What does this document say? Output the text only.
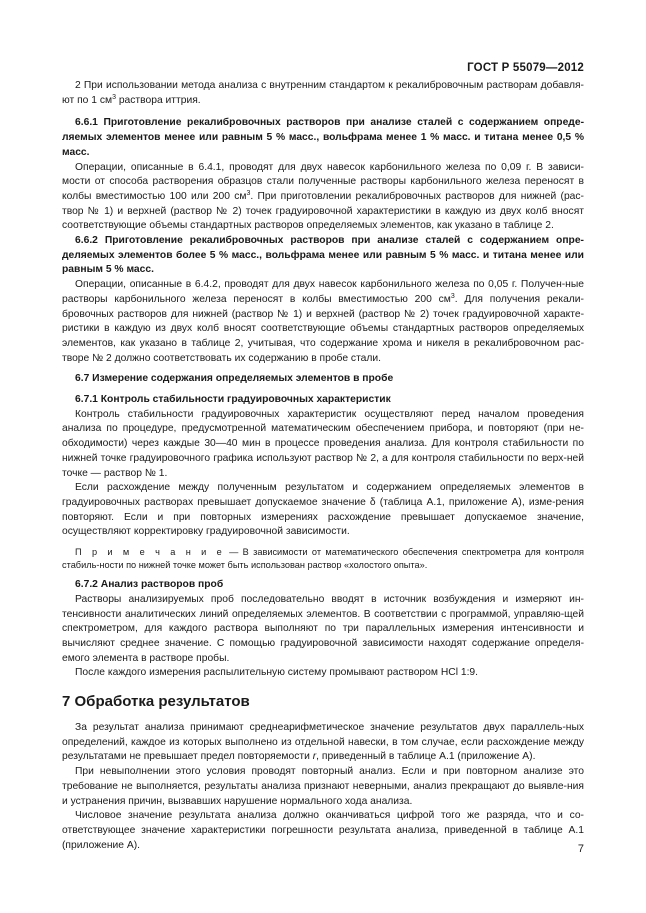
ГОСТ Р 55079—2012

2 При использовании метода анализа с внутренним стандартом к рекалибровочным растворам добавля-ют по 1 $см^3$ раствора иттрия.

6.6.1 Приготовление рекалибровочных растворов при анализе сталей с содержанием опреде-ляемых элементов менее или равным 5 % масс., вольфрама менее 1 % масс. и титана менее 0,5 % масс.

Операции, описанные в 6.4.1, проводят для двух навесок карбонильного железа по 0,09 г. В зависи-мости от способа растворения образцов стали полученные растворы карбонильного железа переносят в колбы вместимостью 100 или 200 $см^3$. При приготовлении рекалибровочных растворов для нижней (рас-твор № 1) и верхней (раствор № 2) точек градуировочной характеристики в каждую из двух колб вносят соответствующие объемы стандартных растворов определяемых элементов, как указано в таблице 2.

6.6.2 Приготовление рекалибровочных растворов при анализе сталей с содержанием опре-деляемых элементов более 5 % масс., вольфрама менее или равным 5 % масс. и титана менее или равным 5 % масс.

Операции, описанные в 6.4.2, проводят для двух навесок карбонильного железа по 0,05 г. Получен-ные растворы карбонильного железа переносят в колбы вместимостью 200 $см^3$. Для получения рекали-бровочных растворов для нижней (раствор № 1) и верхней (раствор № 2) точек градуировочной характе-ристики в каждую из двух колб вносят соответствующие объемы стандартных растворов определяемых элементов, как указано в таблице 2, учитывая, что содержание хрома и никеля в рекалибровочном рас-творе № 2 должно соответствовать их содержанию в пробе стали.

6.7 Измерение содержания определяемых элементов в пробе

6.7.1 Контроль стабильности градуировочных характеристик

Контроль стабильности градуировочных характеристик осуществляют перед началом проведения анализа по процедуре, предусмотренной математическим обеспечением прибора, и повторяют (при не-обходимости) через каждые 30—40 мин в процессе проведения анализа. Для контроля стабильности по нижней точке градуировочного графика используют раствор № 2, а для контроля стабильности по верх-ней точке — раствор № 1.

Если расхождение между полученным результатом и содержанием определяемых элементов в градуировочных растворах превышает допускаемое значение δ (таблица А.1, приложение А), изме-рения повторяют. Если и при повторных измерениях расхождение превышает допускаемое значение, осуществляют корректировку градуировочной зависимости.

П р и м е ч а н и е — В зависимости от математического обеспечения спектрометра для контроля стабиль-ности по нижней точке может быть использован раствор «холостого опыта».

6.7.2 Анализ растворов проб

Растворы анализируемых проб последовательно вводят в источник возбуждения и измеряют ин-тенсивности аналитических линий определяемых элементов. В соответствии с программой, управляю-щей спектрометром, для каждого раствора выполняют по три параллельных измерения интенсивности и вычисляют среднее значение. С помощью градуировочной зависимости находят содержание определя-емого элемента в растворе пробы.

После каждого измерения распылительную систему промывают раствором HCl 1:9.

7 Обработка результатов

За результат анализа принимают среднеарифметическое значение результатов двух параллель-ных определений, каждое из которых выполнено из отдельной навески, в том случае, если расхождение между результатами не превышает предел повторяемости r, приведенный в таблице А.1 (приложение А).

При невыполнении этого условия проводят повторный анализ. Если и при повторном анализе это требование не выполняется, результаты анализа признают неверными, анализ прекращают до выявле-ния и устранения причин, вызвавших нарушение нормального хода анализа.

Числовое значение результата анализа должно оканчиваться цифрой того же разряда, что и со-ответствующее значение характеристики погрешности результата анализа, приведенной в таблице А.1 (приложение А).	7
